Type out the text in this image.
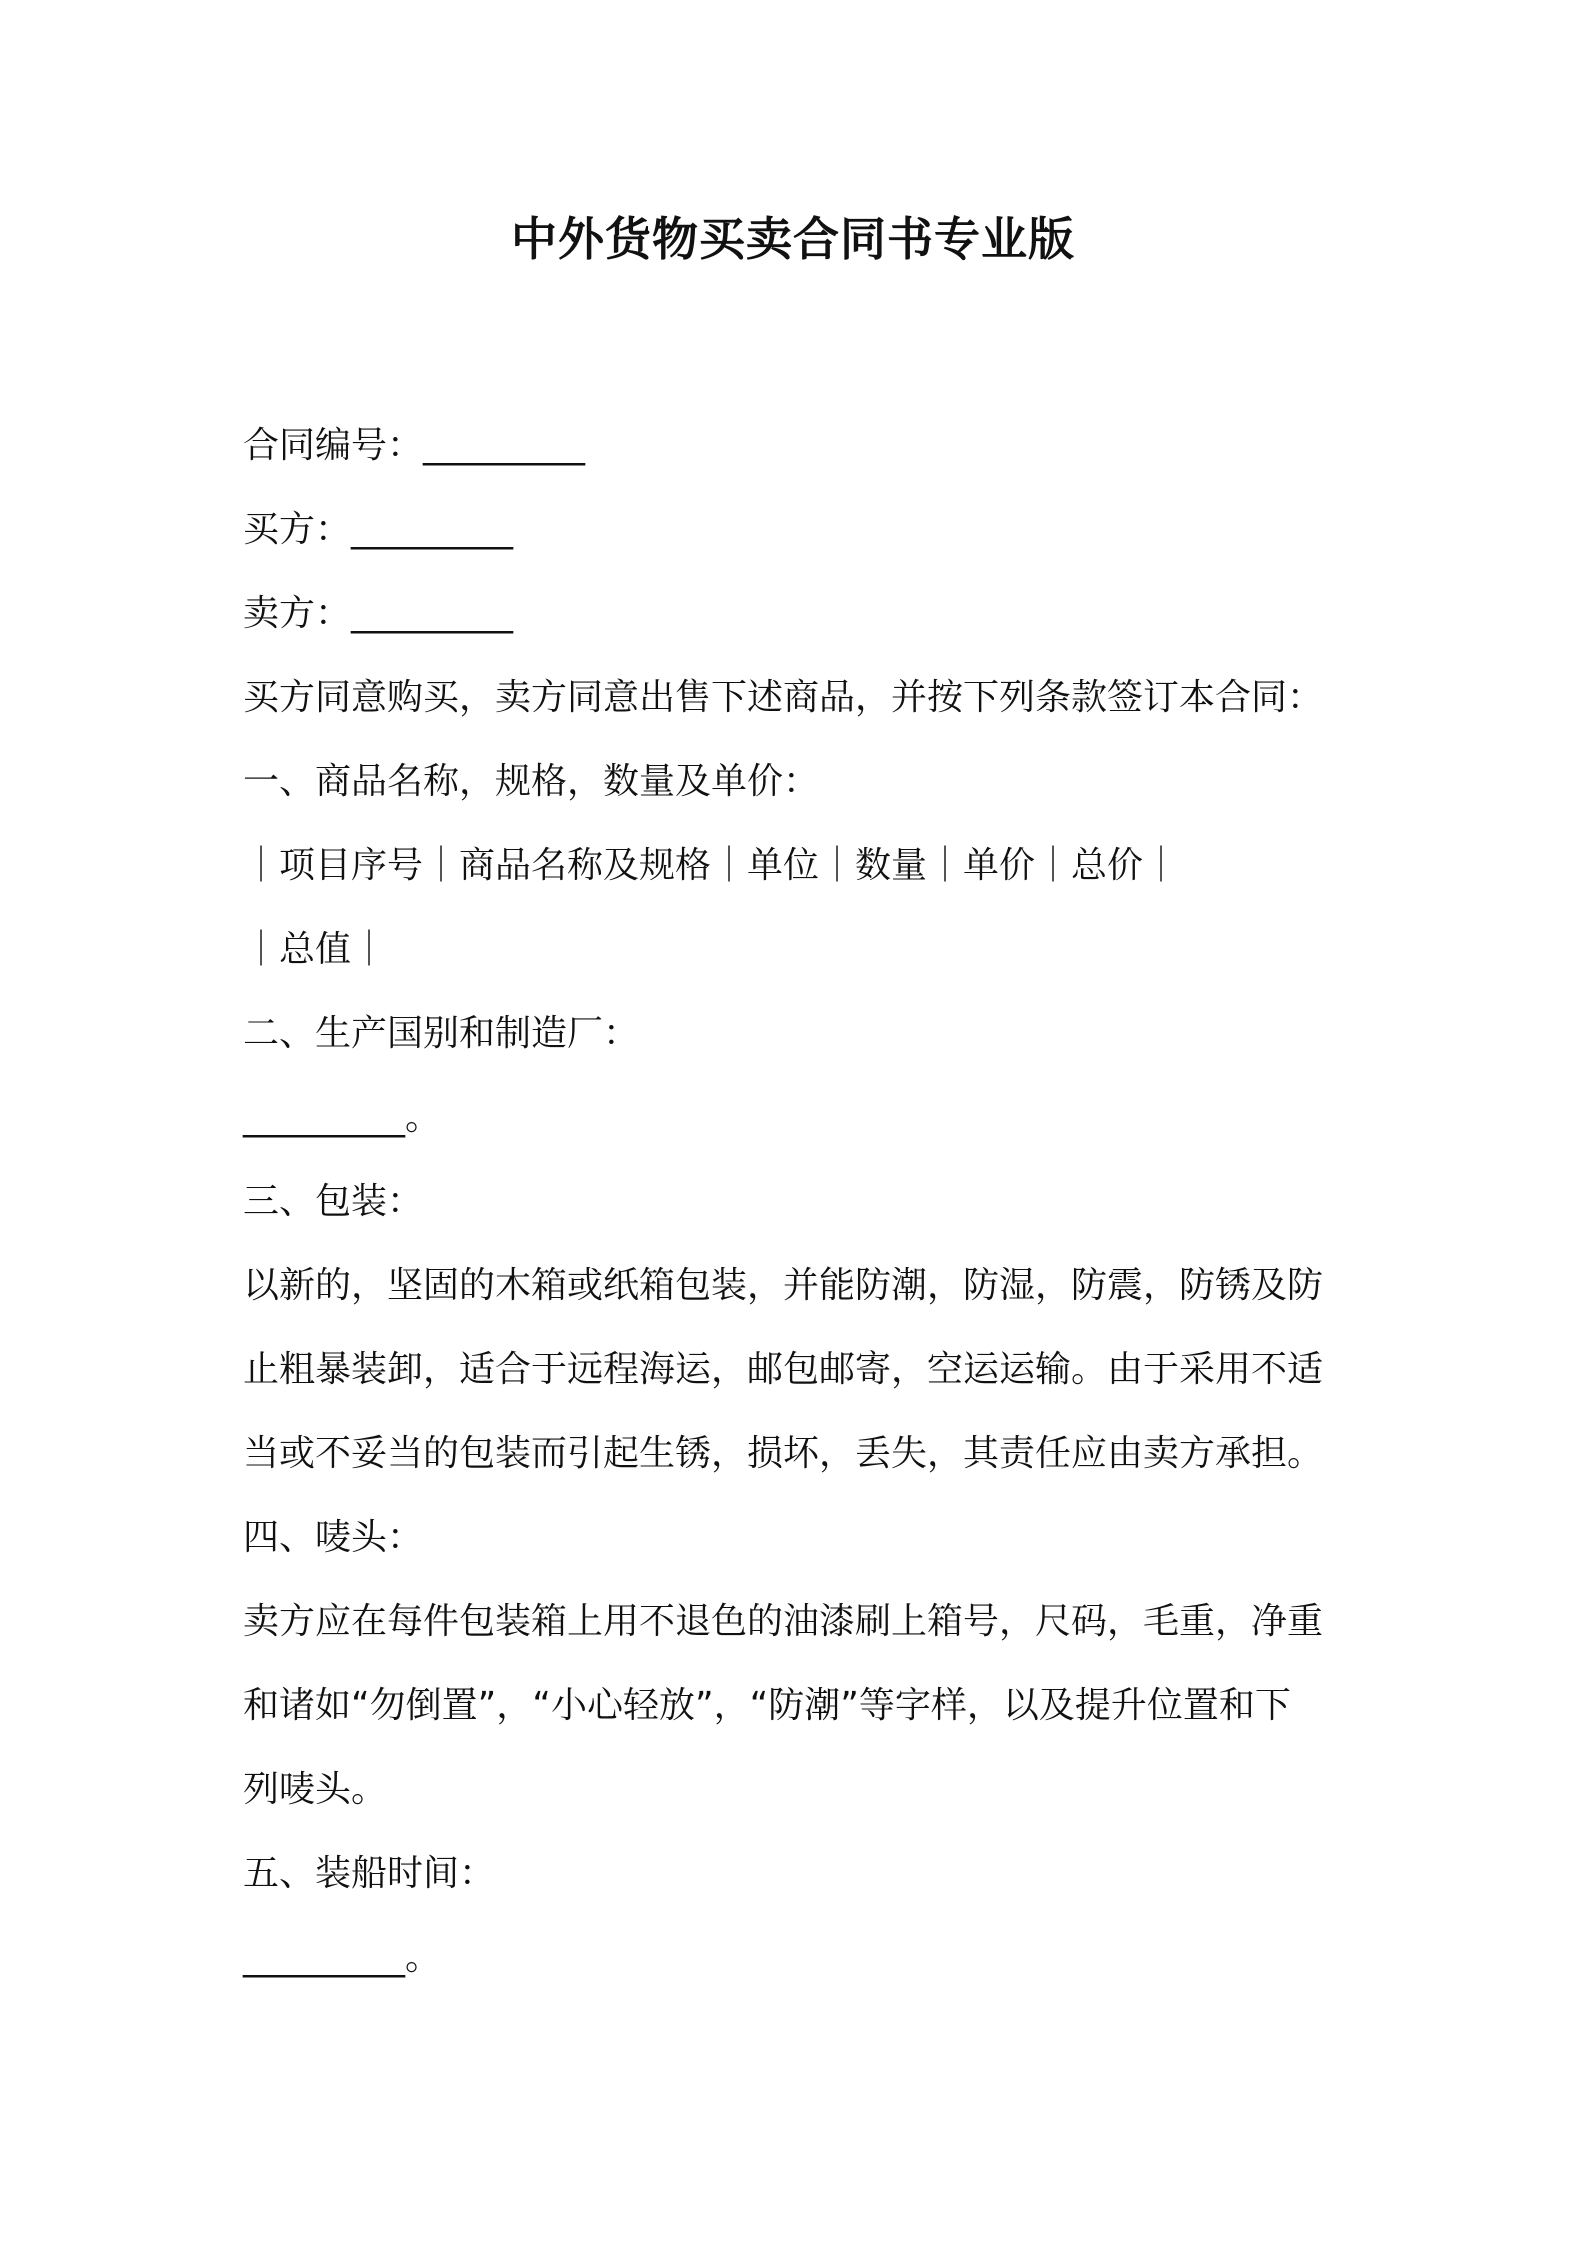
中外货物买卖合同书专业版
合同编号：_________
买方：_________
卖方：_________
买方同意购买，卖方同意出售下述商品，并按下列条款签订本合同：
一、商品名称，规格，数量及单价：
｜项目序号｜商品名称及规格｜单位｜数量｜单价｜总价｜
｜总值｜
二、生产国别和制造厂：
_________。
三、包装：
以新的，坚固的木箱或纸箱包装，并能防潮，防湿，防震，防锈及防
止粗暴装卸，适合于远程海运，邮包邮寄，空运运输。由于采用不适
当或不妥当的包装而引起生锈，损坏，丢失，其责任应由卖方承担。
四、唛头：
卖方应在每件包装箱上用不退色的油漆刷上箱号，尺码，毛重，净重
和诸如“勿倒置”，“小心轻放”，“防潮”等字样，以及提升位置和下
列唛头。
五、装船时间：
_________。
